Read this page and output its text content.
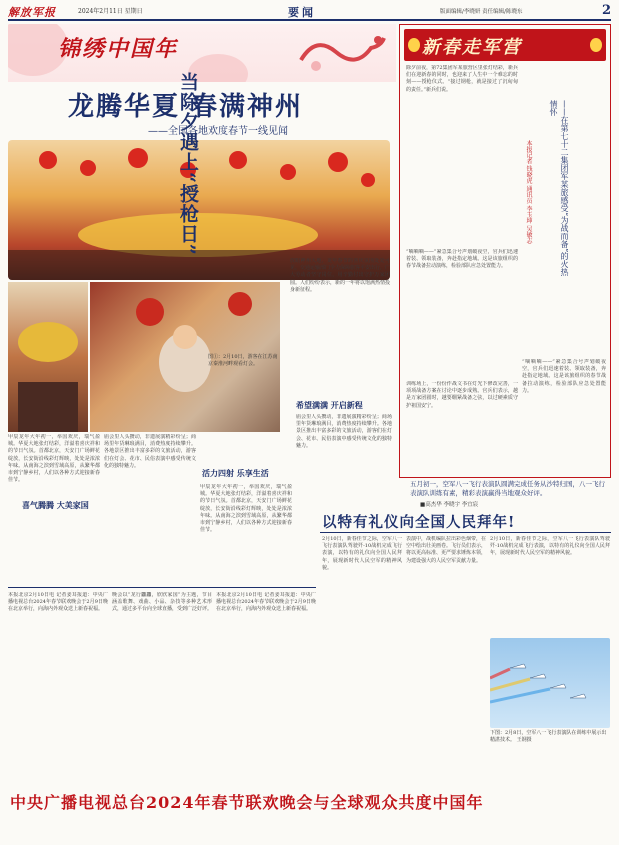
解放军报	2024年2月11日 星期日	要闻	版面编辑/李晓妍 责任编辑/陈晓东	2
锦绣中国年
龙腾华夏 春满神州
——全国各地欢度春节一线见闻
图①：2月10日，游客在江苏南京秦淮河畔观看灯会。
甲辰龙年大年初一，举国欢庆，瑞气盈城。华夏大地张灯结彩，洋溢着喜庆祥和的节日气氛。首都北京，天安门广场鲜花绽放，长安街沿线彩灯辉映，处处是浓浓年味。从南海之滨到雪域高原，从繁华都市到宁静乡村，人们以各种方式迎接新春佳节。
喜气腾腾 大美家国
庙会里人头攒动，非遗展演精彩纷呈；商场里年货琳琅满目，消费热度持续攀升。各地景区推出丰富多彩的文旅活动，游客们在灯会、花市、民俗表演中感受传统文化的独特魅力。
放眼神州大地，龙年春节的喜庆氛围处处可见。交通运输部门全力保障旅客平安出行，广大劳动者坚守岗位，用辛勤付出守护万家团圆。人们纷纷表示，新的一年将以饱满热情投身新征程。
希望满满 开启新程
活力四射 乐享生活
甲辰龙年大年初一，举国欢庆，瑞气盈城。华夏大地张灯结彩，洋溢着喜庆祥和的节日气氛。首都北京，天安门广场鲜花绽放，长安街沿线彩灯辉映，处处是浓浓年味。从南海之滨到雪域高原，从繁华都市到宁静乡村，人们以各种方式迎接新春佳节。
庙会里人头攒动，非遗展演精彩纷呈；商场里年货琳琅满目，消费热度持续攀升。各地景区推出丰富多彩的文旅活动，游客们在灯会、花市、民俗表演中感受传统文化的独特魅力。
新春走军营
除夕前夜，第72集团军某旅营区里张灯结彩，新兵们在迎新春的同时，也迎来了人生中一个难忘的时刻——授枪仪式。“接过钢枪，就是接过了沉甸甸的责任。”新兵们说。
“嘀嘀嘀——”紧急集合号声划破夜空，官兵们迅速着装、领取装备，奔赴指定地域。这是该旅组织的春节战备拉动演练，检验部队应急处置能力。
训练场上，一份份作战文书在灯光下修改完善，一项项战备方案在讨论中逐步成熟。官兵们表示，越是万家团圆时，越要绷紧战备之弦，以过硬素质守护祖国安宁。
“嘀嘀嘀——”紧急集合号声划破夜空，官兵们迅速着装、领取装备，奔赴指定地域。这是该旅组织的春节战备拉动演练，检验部队应急处置能力。
当除夕遇上“授枪日”	——在第七十二集团军某旅感受“为战而备”的火热情怀
本报记者 钱晓虎 通讯员 李玉坤 吴敏志
五月初一，空军八一飞行表演队圆满完成任务从沙特归国，八一飞行表演队训练有素，精彩表演赢得当地观众好评。
■高杰华 李晓宇 李宜宸
以特有礼仪向全国人民拜年!
2月10日，新春佳节之际，空军八一飞行表演队驾驶歼-10战机完成飞行表演，以特有的礼仪向全国人民拜年，展现新时代人民空军的精神风貌。
表演中，战机编队拉出彩色烟带，在空中绘出壮美画卷。飞行员们表示，将以更高标准、更严要求锤炼本领，为建设强大的人民空军贡献力量。
2月10日，新春佳节之际，空军八一飞行表演队驾驶歼-10战机完成飞行表演，以特有的礼仪向全国人民拜年，展现新时代人民空军的精神风貌。
下图：2月8日，空军八一飞行表演队在训练中展示出精湛技术。 王钢摄
本报北京2月10日电 记者姜耳报道：中央广播电视总台2024年春节联欢晚会于2月9日晚在北京举行，向海内外观众送上新春祝福。
晚会以“龙行龘龘，欣欣家国”为主题，节目涵盖歌舞、戏曲、小品、杂技等多种艺术形式，通过多平台向全球直播，受到广泛好评。
本报北京2月10日电 记者姜耳报道：中央广播电视总台2024年春节联欢晚会于2月9日晚在北京举行，向海内外观众送上新春祝福。
中央广播电视总台2024年春节联欢晚会与全球观众共度中国年
